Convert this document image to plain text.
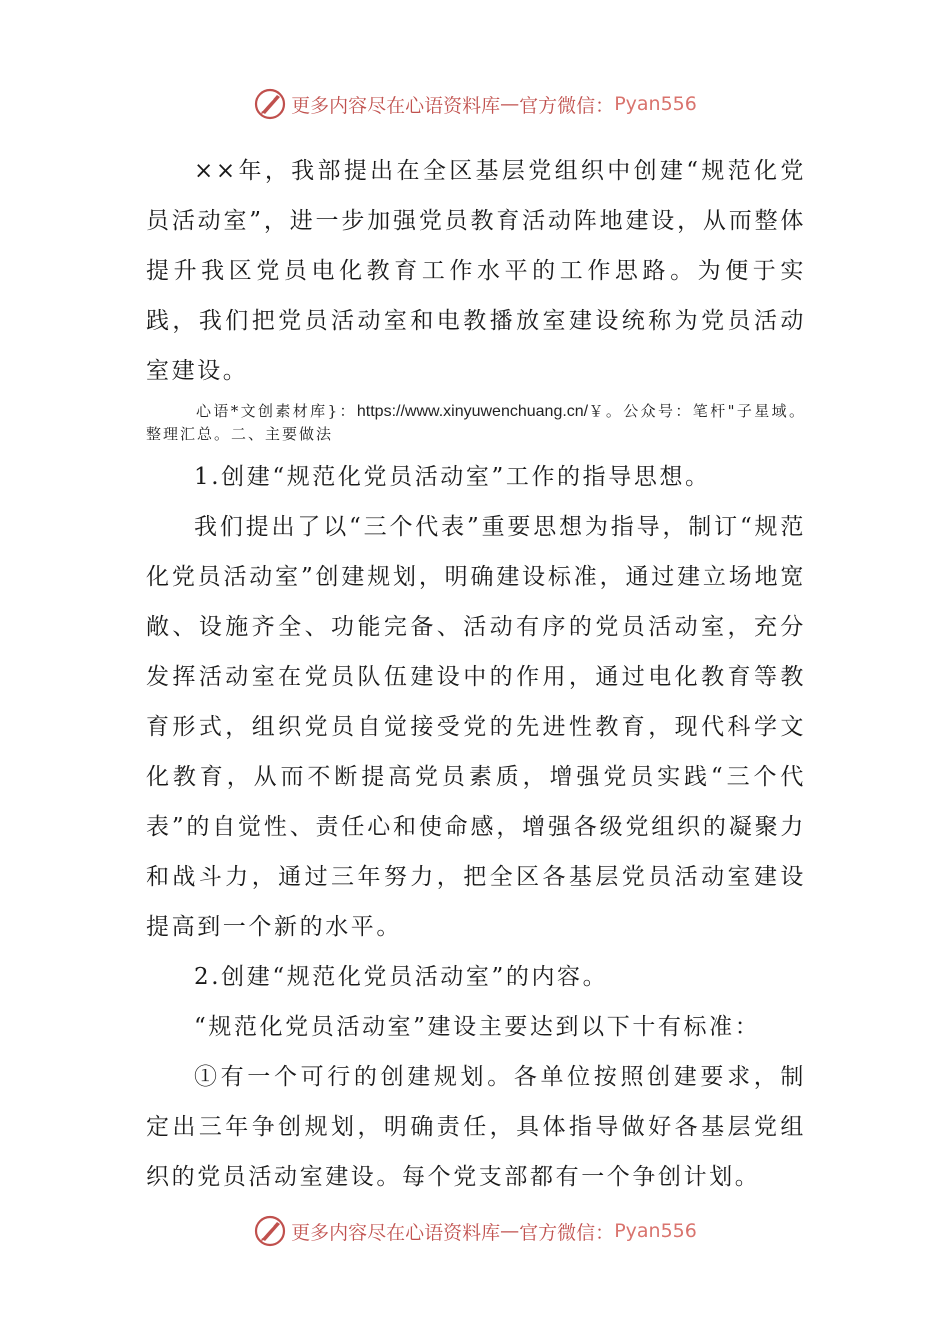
更多内容尽在心语资料库 — 官方微信： Pyan556

××年，我部提出在全区基层党组织中创建“规范化党员活动室”，进一步加强党员教育活动阵地建设，从而整体提升我区党员电化教育工作水平的工作思路。为便于实践，我们把党员活动室和电教播放室建设统称为党员活动室建设。

心语*文创素材库}：https://www.xinyuwenchuang.cn/￥。公众号：笔杆"子星域。整理汇总。二、主要做法

1.创建“规范化党员活动室”工作的指导思想。

我们提出了以“三个代表”重要思想为指导，制订“规范化党员活动室”创建规划，明确建设标准，通过建立场地宽敞、设施齐全、功能完备、活动有序的党员活动室，充分发挥活动室在党员队伍建设中的作用，通过电化教育等教育形式，组织党员自觉接受党的先进性教育，现代科学文化教育，从而不断提高党员素质，增强党员实践“三个代表”的自觉性、责任心和使命感，增强各级党组织的凝聚力和战斗力，通过三年努力，把全区各基层党员活动室建设提高到一个新的水平。

2.创建“规范化党员活动室”的内容。

“规范化党员活动室”建设主要达到以下十有标准：

①有一个可行的创建规划。各单位按照创建要求，制定出三年争创规划，明确责任，具体指导做好各基层党组织的党员活动室建设。每个党支部都有一个争创计划。

更多内容尽在心语资料库 — 官方微信： Pyan556
